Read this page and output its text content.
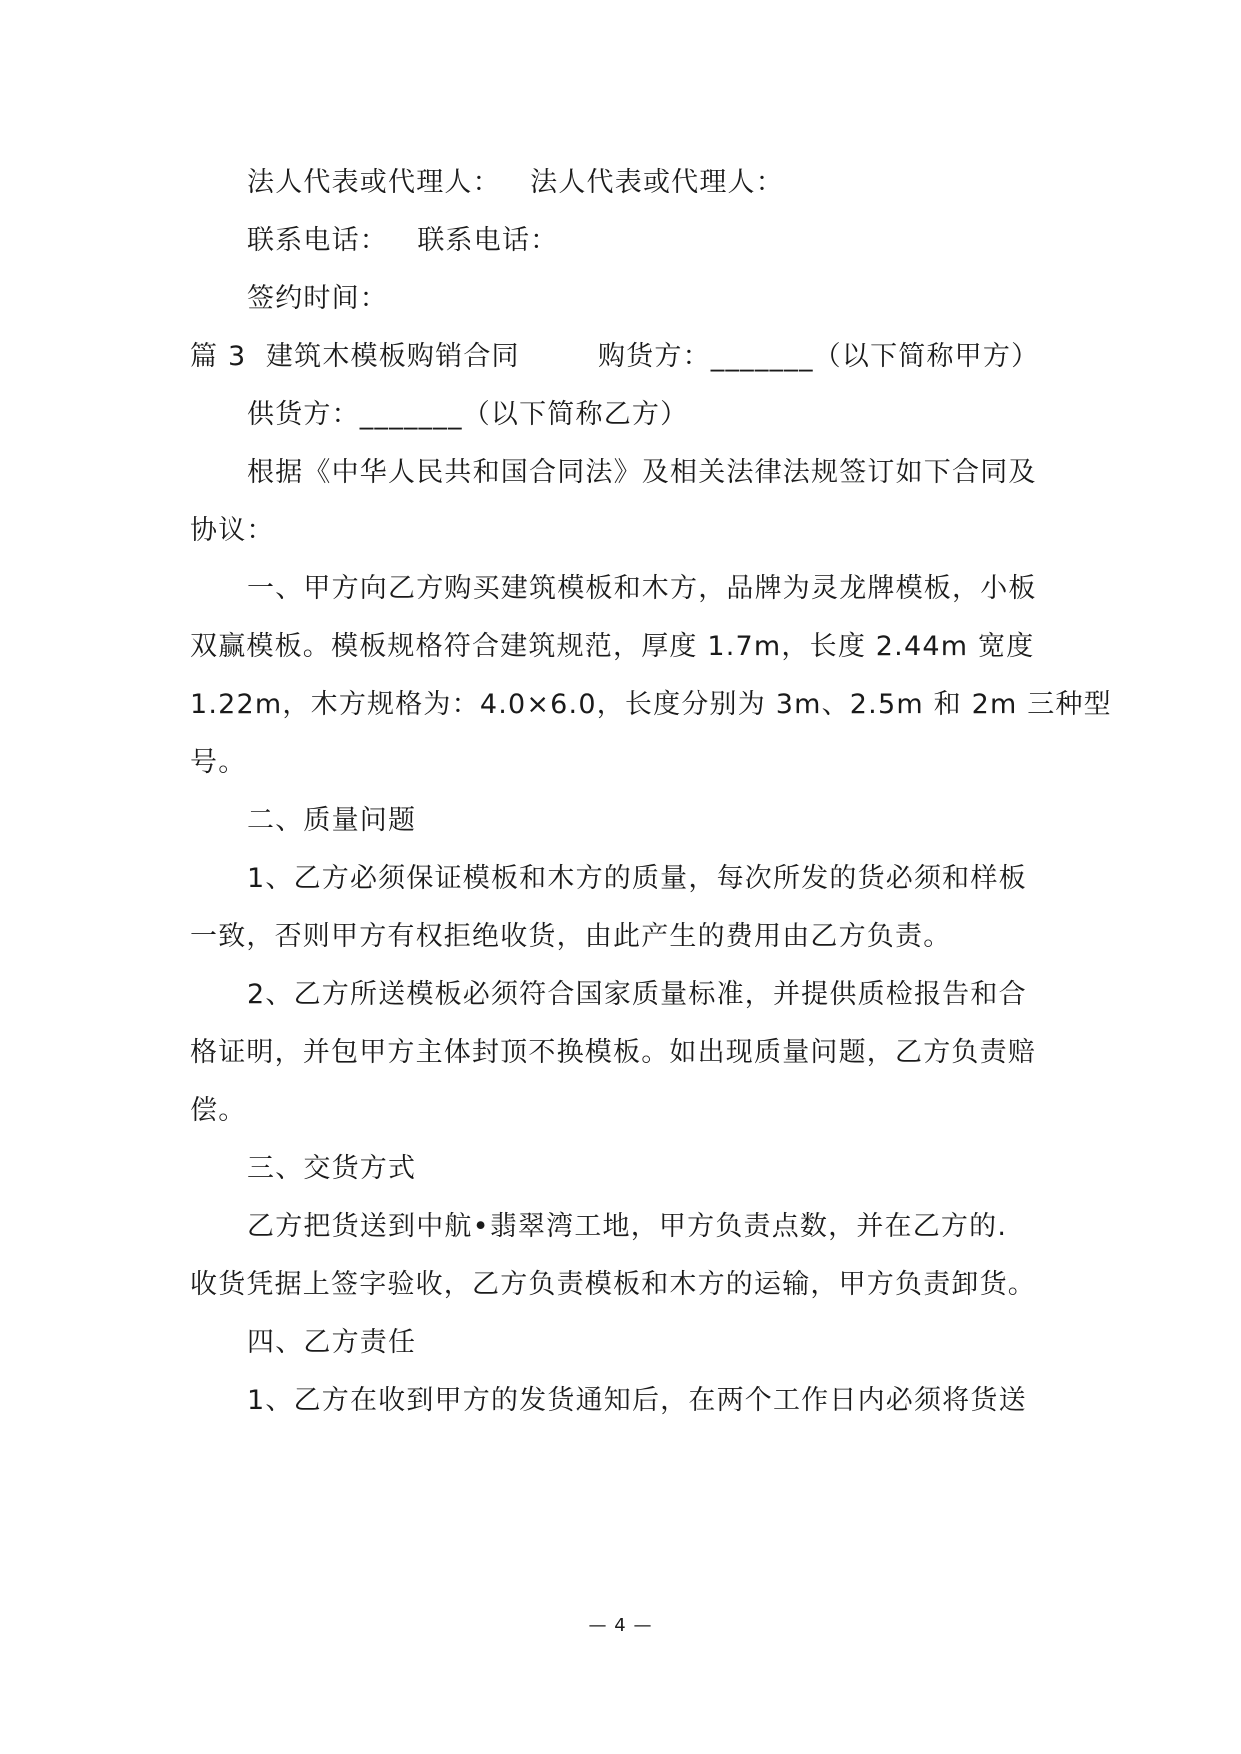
法人代表或代理人：   法人代表或代理人：
联系电话：   联系电话：
签约时间：
篇 3  建筑木模板购销合同        购货方：_______（以下简称甲方）
供货方：_______（以下简称乙方）
根据《中华人民共和国合同法》及相关法律法规签订如下合同及
协议：
一、甲方向乙方购买建筑模板和木方，品牌为灵龙牌模板，小板
双赢模板。模板规格符合建筑规范，厚度 1.7m，长度 2.44m 宽度
1.22m，木方规格为：4.0×6.0，长度分别为 3m、2.5m 和 2m 三种型
号。
二、质量问题
1、乙方必须保证模板和木方的质量，每次所发的货必须和样板
一致，否则甲方有权拒绝收货，由此产生的费用由乙方负责。
2、乙方所送模板必须符合国家质量标准，并提供质检报告和合
格证明，并包甲方主体封顶不换模板。如出现质量问题，乙方负责赔
偿。
三、交货方式
乙方把货送到中航•翡翠湾工地，甲方负责点数，并在乙方的.
收货凭据上签字验收，乙方负责模板和木方的运输，甲方负责卸货。
四、乙方责任
1、乙方在收到甲方的发货通知后，在两个工作日内必须将货送
— 4 —
